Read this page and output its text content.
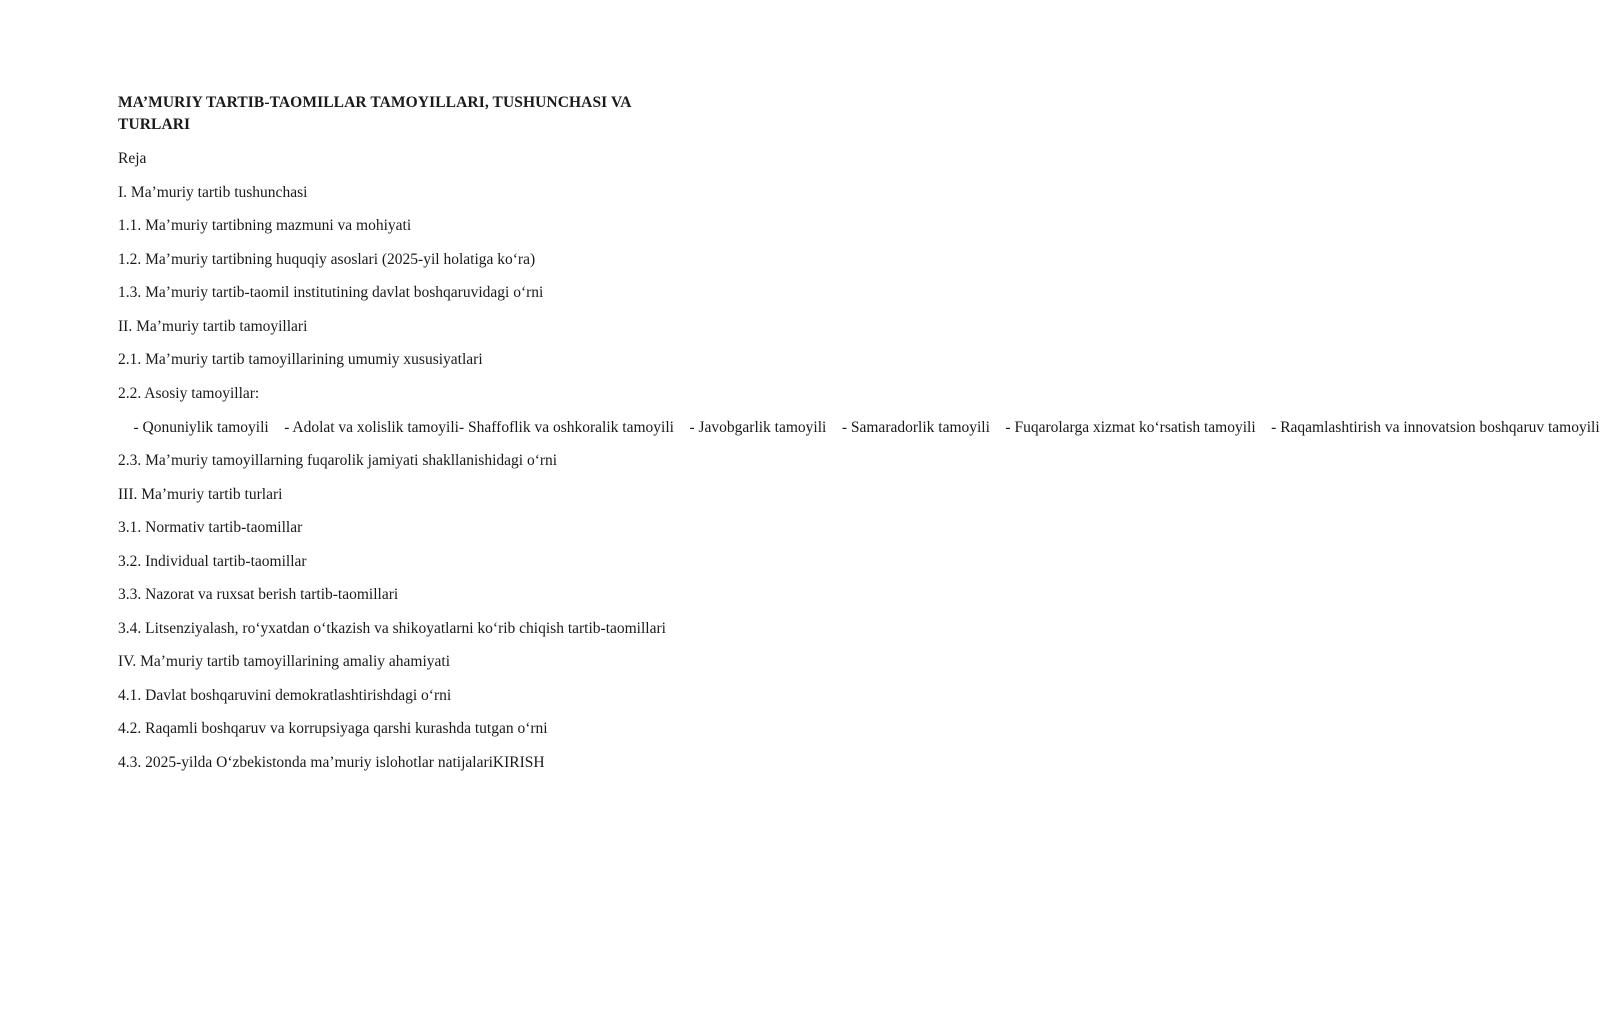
MA’MURIY TARTIB-TAOMILLAR TAMOYILLARI, TUSHUNCHASI VA TURLARI
Reja
I. Ma’muriy tartib tushunchasi
1.1. Ma’muriy tartibning mazmuni va mohiyati
1.2. Ma’muriy tartibning huquqiy asoslari (2025-yil holatiga ko‘ra)
1.3. Ma’muriy tartib-taomil institutining davlat boshqaruvidagi o‘rni
II. Ma’muriy tartib tamoyillari
2.1. Ma’muriy tartib tamoyillarining umumiy xususiyatlari
2.2. Asosiy tamoyillar:
- Qonuniylik tamoyili    - Adolat va xolislik tamoyili- Shaffoflik va oshkoralik tamoyili    - Javobgarlik tamoyili    - Samaradorlik tamoyili    - Fuqarolarga xizmat ko‘rsatish tamoyili    - Raqamlashtirish va innovatsion boshqaruv tamoyili
2.3. Ma’muriy tamoyillarning fuqarolik jamiyati shakllanishidagi o‘rni
III. Ma’muriy tartib turlari
3.1. Normativ tartib-taomillar
3.2. Individual tartib-taomillar
3.3. Nazorat va ruxsat berish tartib-taomillari
3.4. Litsenziyalash, ro‘yxatdan o‘tkazish va shikoyatlarni ko‘rib chiqish tartib-taomillari
IV. Ma’muriy tartib tamoyillarining amaliy ahamiyati
4.1. Davlat boshqaruvini demokratlashtirishdagi o‘rni
4.2. Raqamli boshqaruv va korrupsiyaga qarshi kurashda tutgan o‘rni
4.3. 2025-yilda O‘zbekistonda ma’muriy islohotlar natijalariKIRISH
